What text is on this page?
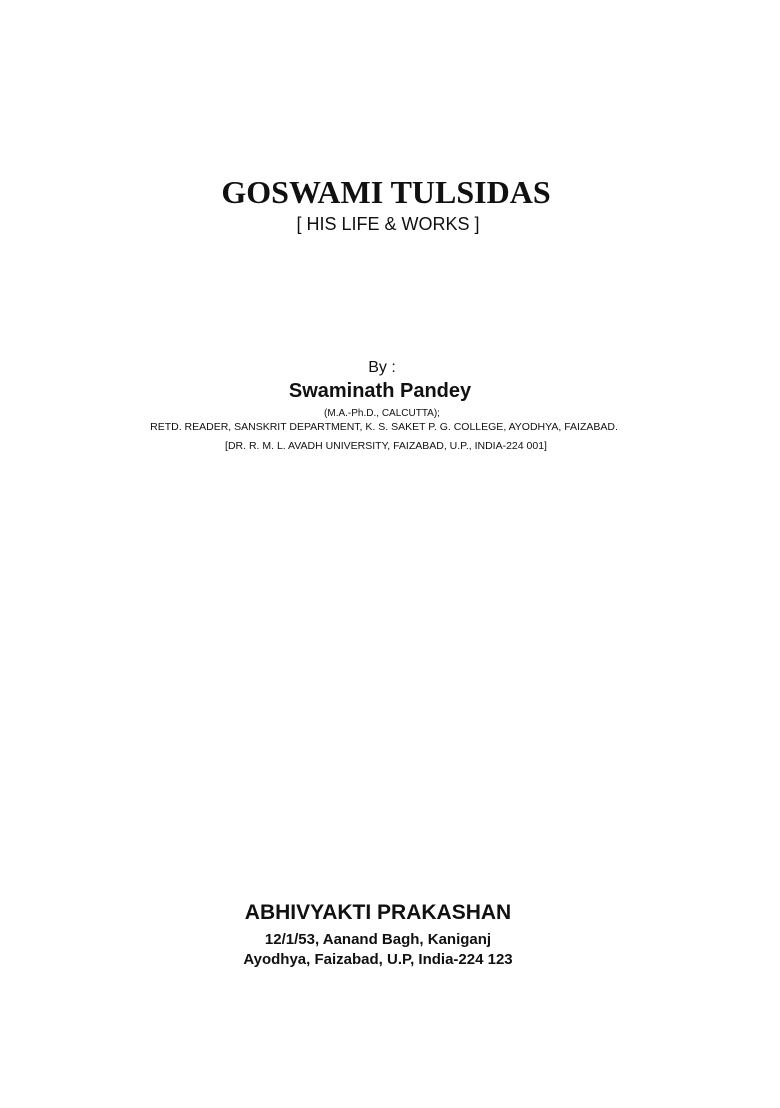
GOSWAMI TULSIDAS
[ HIS LIFE & WORKS ]
By :
Swaminath Pandey
(M.A.-Ph.D., CALCUTTA);
RETD. READER, SANSKRIT DEPARTMENT, K. S. SAKET P. G. COLLEGE, AYODHYA, FAIZABAD.
[DR. R. M. L. AVADH UNIVERSITY, FAIZABAD, U.P., INDIA-224 001]
ABHIVYAKTI PRAKASHAN
12/1/53, Aanand Bagh, Kaniganj
Ayodhya, Faizabad, U.P, India-224 123
